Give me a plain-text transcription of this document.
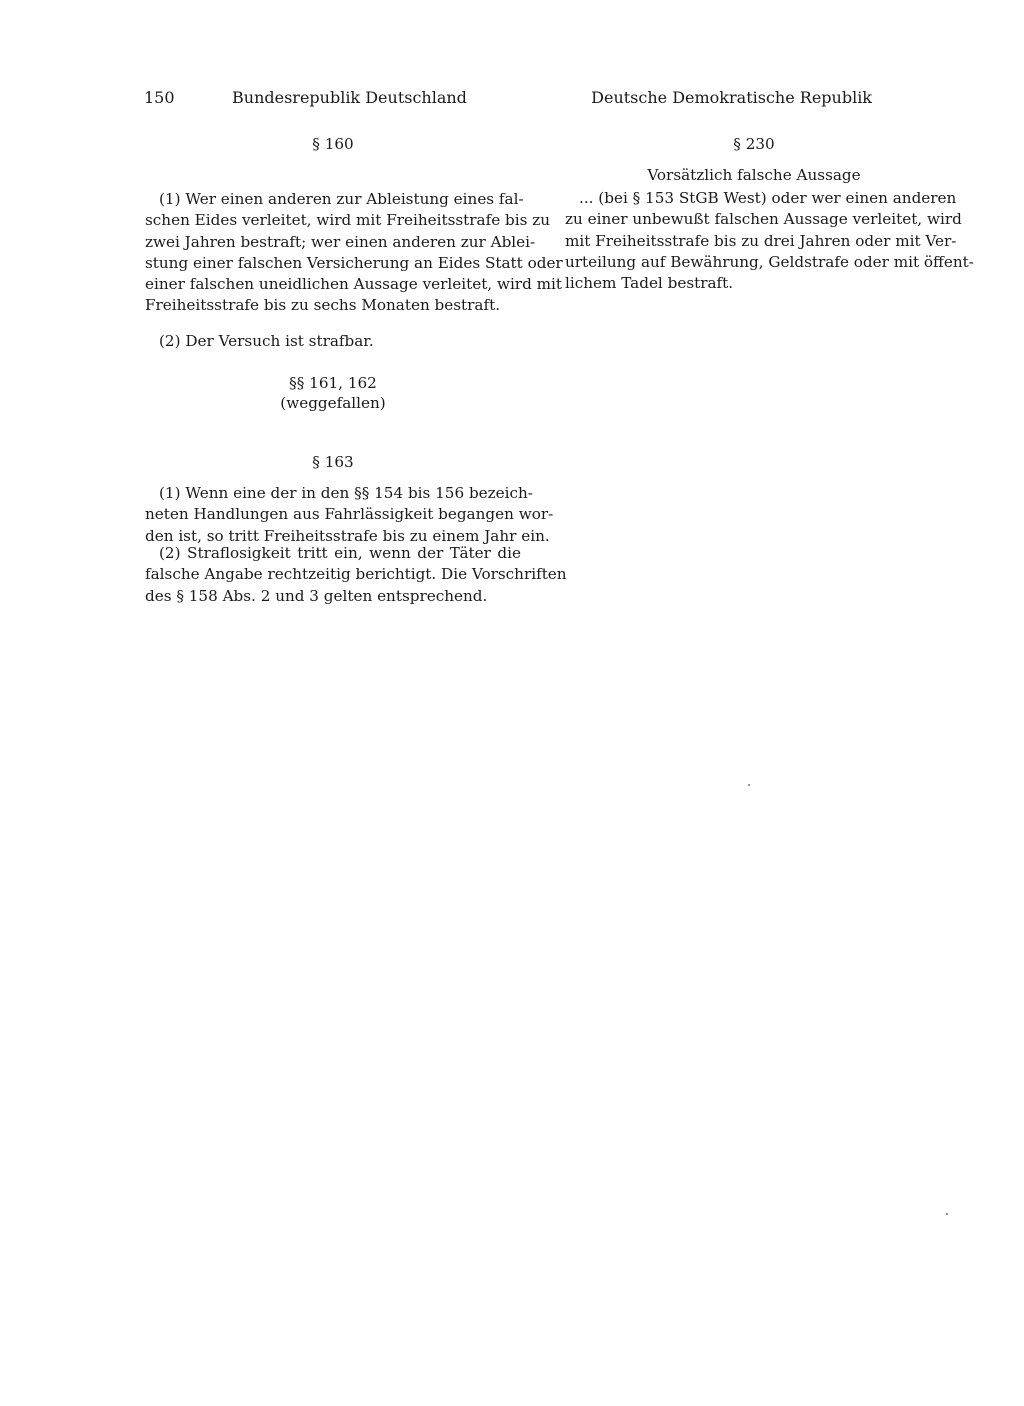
150	Bundesrepublik Deutschland	Deutsche Demokratische Republik
§ 160
(1) Wer einen anderen zur Ableistung eines fal-
schen Eides verleitet, wird mit Freiheitsstrafe bis zu
zwei Jahren bestraft; wer einen anderen zur Ablei-
stung einer falschen Versicherung an Eides Statt oder
einer falschen uneidlichen Aussage verleitet, wird mit
Freiheitsstrafe bis zu sechs Monaten bestraft.
(2) Der Versuch ist strafbar.
§§ 161, 162
(weggefallen)
§ 163
(1) Wenn eine der in den §§ 154 bis 156 bezeich-
neten Handlungen aus Fahrlässigkeit begangen wor-
den ist, so tritt Freiheitsstrafe bis zu einem Jahr ein.
(2) Straflosigkeit tritt ein, wenn der Täter die
falsche Angabe rechtzeitig berichtigt. Die Vorschriften
des § 158 Abs. 2 und 3 gelten entsprechend.
§ 230
Vorsätzlich falsche Aussage
... (bei § 153 StGB West) oder wer einen anderen
zu einer unbewußt falschen Aussage verleitet, wird
mit Freiheitsstrafe bis zu drei Jahren oder mit Ver-
urteilung auf Bewährung, Geldstrafe oder mit öffent-
lichem Tadel bestraft.
